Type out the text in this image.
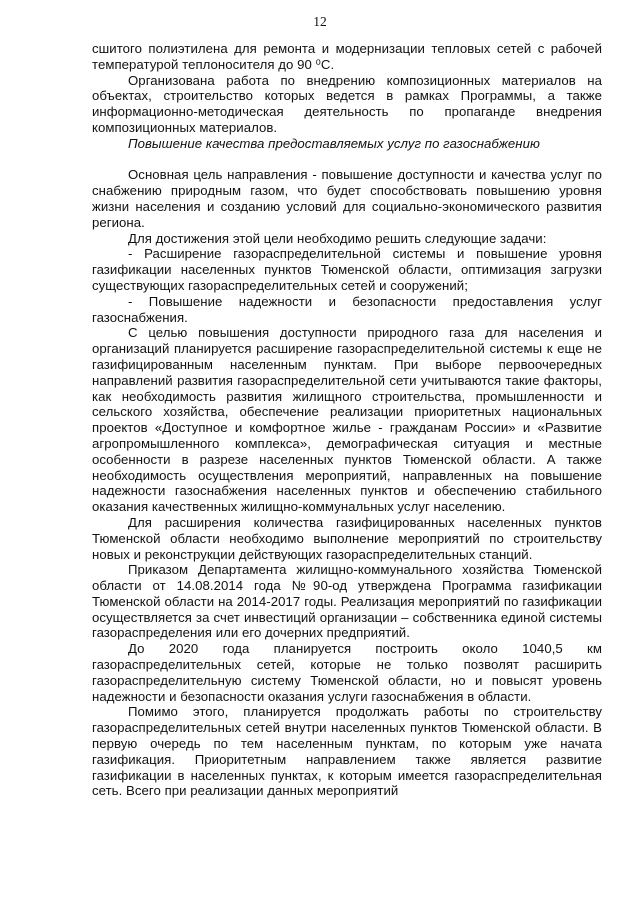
12

сшитого полиэтилена для ремонта и модернизации тепловых сетей с рабочей температурой теплоносителя до 90 ⁰С.

Организована работа по внедрению композиционных материалов на объектах, строительство которых ведется в рамках Программы, а также информационно-методическая деятельность по пропаганде внедрения композиционных материалов.

Повышение качества предоставляемых услуг по газоснабжению

Основная цель направления - повышение доступности и качества услуг по снабжению природным газом, что будет способствовать повышению уровня жизни населения и созданию условий для социально-экономического развития региона.

Для достижения этой цели необходимо решить следующие задачи:

- Расширение газораспределительной системы и повышение уровня газификации населенных пунктов Тюменской области, оптимизация загрузки существующих газораспределительных сетей и сооружений;

- Повышение надежности и безопасности предоставления услуг газоснабжения.

С целью повышения доступности природного газа для населения и организаций планируется расширение газораспределительной системы к еще не газифицированным населенным пунктам. При выборе первоочередных направлений развития газораспределительной сети учитываются такие факторы, как необходимость развития жилищного строительства, промышленности и сельского хозяйства, обеспечение реализации приоритетных национальных проектов «Доступное и комфортное жилье - гражданам России» и «Развитие агропромышленного комплекса», демографическая ситуация и местные особенности в разрезе населенных пунктов Тюменской области. А также необходимость осуществления мероприятий, направленных на повышение надежности газоснабжения населенных пунктов и обеспечению стабильного оказания качественных жилищно-коммунальных услуг населению.

Для расширения количества газифицированных населенных пунктов Тюменской области необходимо выполнение мероприятий по строительству новых и реконструкции действующих газораспределительных станций.

Приказом Департамента жилищно-коммунального хозяйства Тюменской области от 14.08.2014 года №90-од утверждена Программа газификации Тюменской области на 2014-2017 годы. Реализация мероприятий по газификации осуществляется за счет инвестиций организации – собственника единой системы газораспределения или его дочерних предприятий.

До 2020 года планируется построить около 1040,5 км газораспределительных сетей, которые не только позволят расширить газораспределительную систему Тюменской области, но и повысят уровень надежности и безопасности оказания услуги газоснабжения в области.

Помимо этого, планируется продолжать работы по строительству газораспределительных сетей внутри населенных пунктов Тюменской области. В первую очередь по тем населенным пунктам, по которым уже начата газификация. Приоритетным направлением также является развитие газификации в населенных пунктах, к которым имеется газораспределительная сеть. Всего при реализации данных мероприятий
